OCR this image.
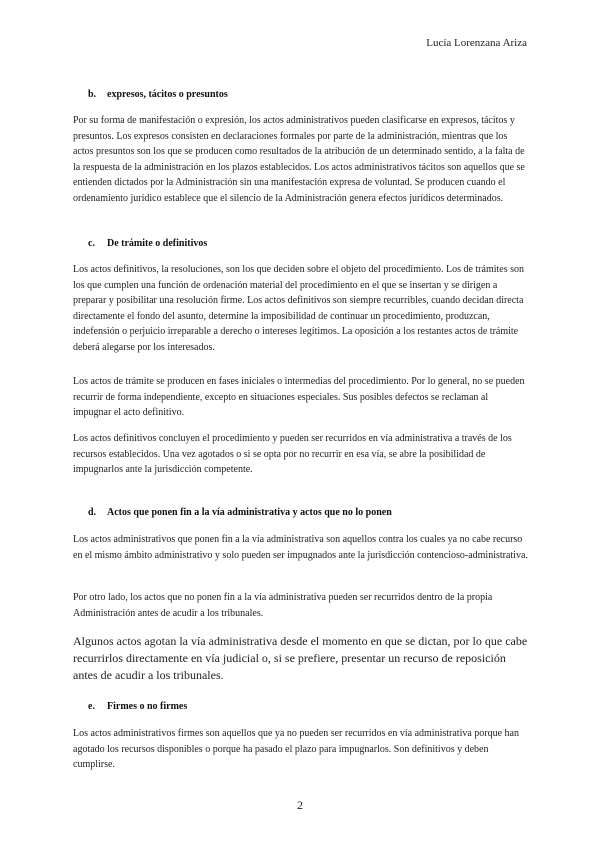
Lucía Lorenzana Ariza
b. expresos, tácitos o presuntos

Por su forma de manifestación o expresión, los actos administrativos pueden clasificarse en expresos, tácitos y presuntos. Los expresos consisten en declaraciones formales por parte de la administración, mientras que los actos presuntos son los que se producen como resultados de la atribución de un determinado sentido, a la falta de la respuesta de la administración en los plazos establecidos. Los actos administrativos tácitos son aquellos que se entienden dictados por la Administración sin una manifestación expresa de voluntad. Se producen cuando el ordenamiento jurídico establece que el silencio de la Administración genera efectos jurídicos determinados.

c. De trámite o definitivos

Los actos definitivos, la resoluciones, son los que deciden sobre el objeto del procedimiento. Los de trámites son los que cumplen una función de ordenación material del procedimiento en el que se insertan y se dirigen a preparar y posibilitar una resolución firme. Los actos definitivos son siempre recurribles, cuando decidan directa directamente el fondo del asunto, determine la imposibilidad de continuar un procedimiento, produzcan, indefensión o perjuicio irreparable a derecho o intereses legítimos. La oposición a los restantes actos de trámite deberá alegarse por los interesados.

Los actos de trámite se producen en fases iniciales o intermedias del procedimiento. Por lo general, no se pueden recurrir de forma independiente, excepto en situaciones especiales. Sus posibles defectos se reclaman al impugnar el acto definitivo.

Los actos definitivos concluyen el procedimiento y pueden ser recurridos en vía administrativa a través de los recursos establecidos. Una vez agotados o si se opta por no recurrir en esa vía, se abre la posibilidad de impugnarlos ante la jurisdicción competente.

d. Actos que ponen fin a la vía administrativa y actos que no lo ponen

Los actos administrativos que ponen fin a la vía administrativa son aquellos contra los cuales ya no cabe recurso en el mismo ámbito administrativo y solo pueden ser impugnados ante la jurisdicción contencioso-administrativa.

Por otro lado, los actos que no ponen fin a la vía administrativa pueden ser recurridos dentro de la propia Administración antes de acudir a los tribunales.

Algunos actos agotan la vía administrativa desde el momento en que se dictan, por lo que cabe recurrirlos directamente en vía judicial o, si se prefiere, presentar un recurso de reposición antes de acudir a los tribunales.

e. Firmes o no firmes

Los actos administrativos firmes son aquellos que ya no pueden ser recurridos en vía administrativa porque han agotado los recursos disponibles o porque ha pasado el plazo para impugnarlos. Son definitivos y deben cumplirse.

2
